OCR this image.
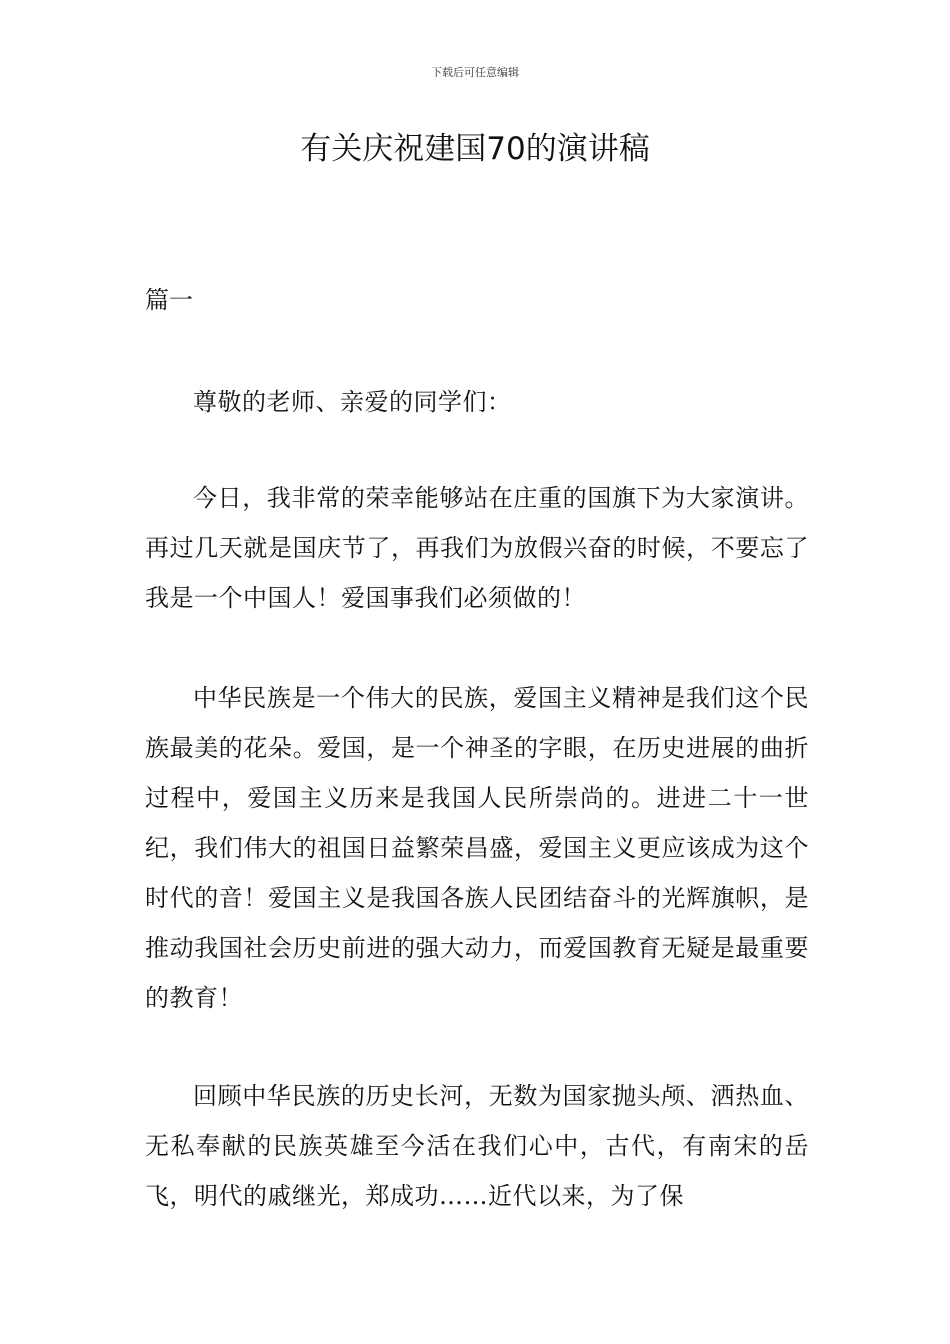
下载后可任意编辑
有关庆祝建国70的演讲稿
篇一

尊敬的老师、亲爱的同学们：

今日，我非常的荣幸能够站在庄重的国旗下为大家演讲。再过几天就是国庆节了，再我们为放假兴奋的时候，不要忘了我是一个中国人！爱国事我们必须做的！

中华民族是一个伟大的民族，爱国主义精神是我们这个民族最美的花朵。爱国，是一个神圣的字眼，在历史进展的曲折过程中，爱国主义历来是我国人民所崇尚的。进进二十一世纪，我们伟大的祖国日益繁荣昌盛，爱国主义更应该成为这个时代的音！爱国主义是我国各族人民团结奋斗的光辉旗帜，是推动我国社会历史前进的强大动力，而爱国教育无疑是最重要的教育！

回顾中华民族的历史长河，无数为国家抛头颅、洒热血、无私奉献的民族英雄至今活在我们心中，古代，有南宋的岳飞，明代的戚继光，郑成功……近代以来，为了保
